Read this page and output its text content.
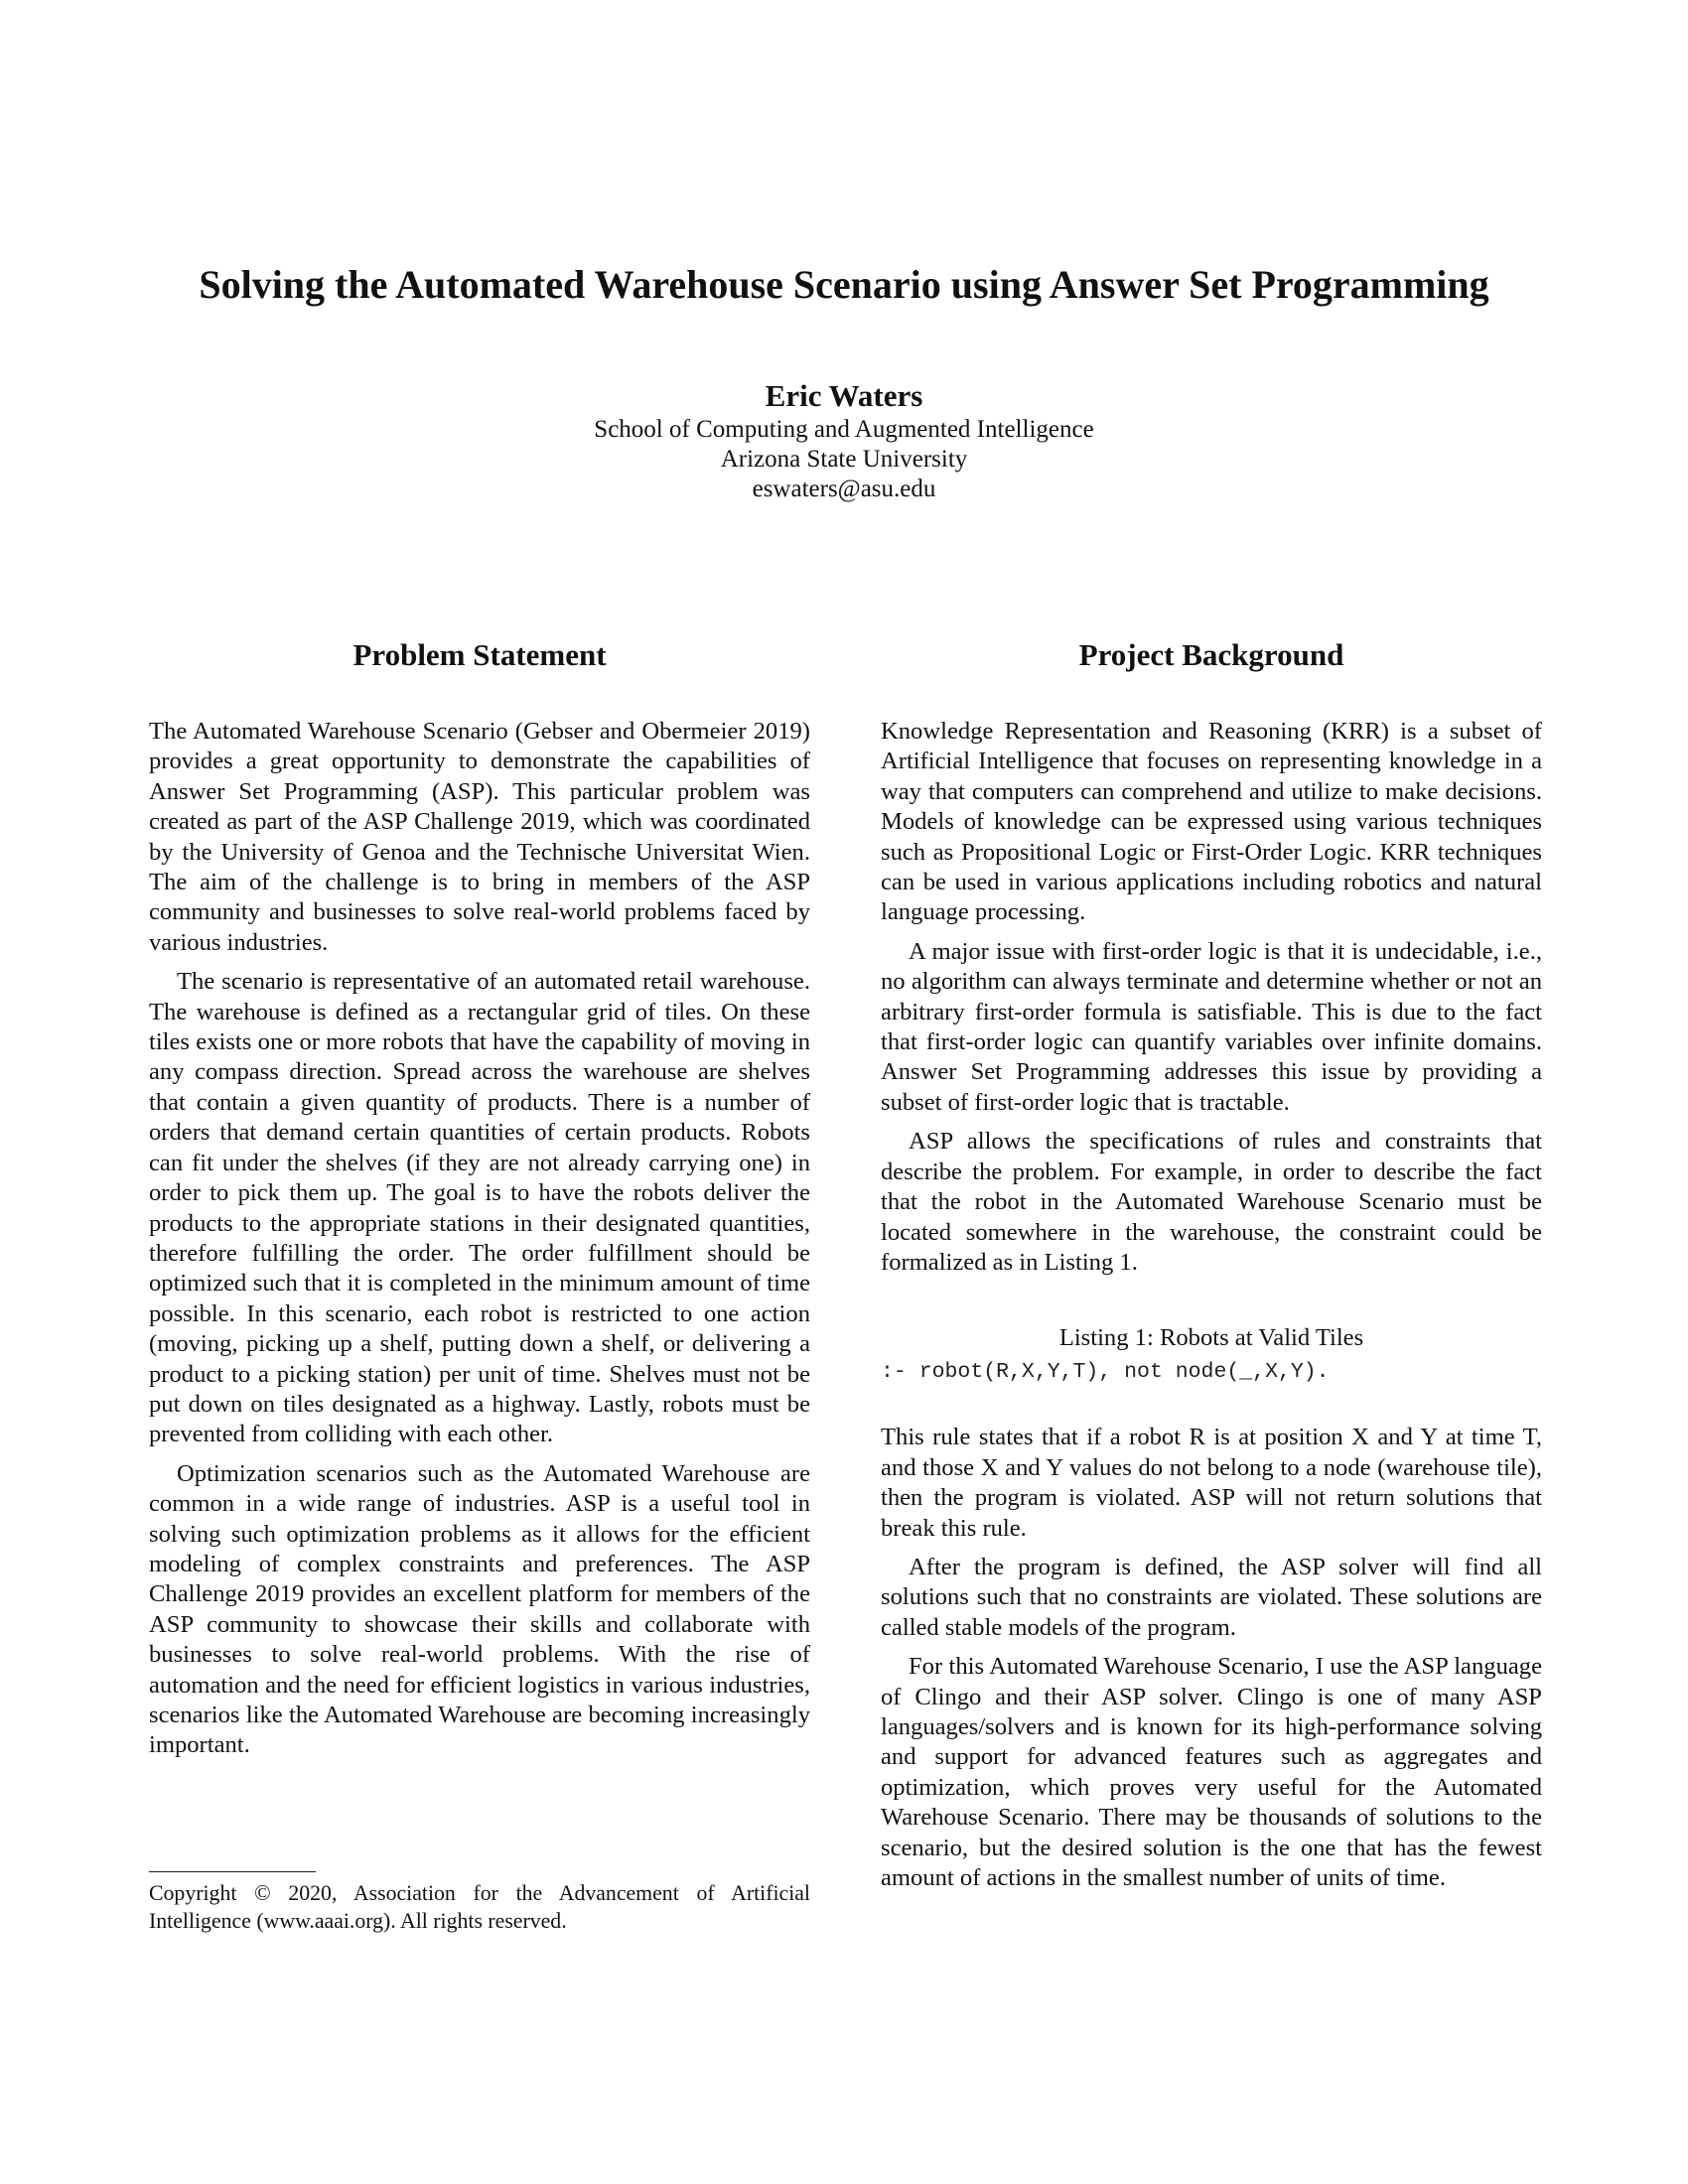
Solving the Automated Warehouse Scenario using Answer Set Programming
Eric Waters
School of Computing and Augmented Intelligence
Arizona State University
eswaters@asu.edu
Problem Statement

The Automated Warehouse Scenario (Gebser and Obermeier 2019) provides a great opportunity to demonstrate the capabilities of Answer Set Programming (ASP). This particular problem was created as part of the ASP Challenge 2019, which was coordinated by the University of Genoa and the Technische Universitat Wien. The aim of the challenge is to bring in members of the ASP community and businesses to solve real-world problems faced by various industries.

The scenario is representative of an automated retail warehouse. The warehouse is defined as a rectangular grid of tiles. On these tiles exists one or more robots that have the capability of moving in any compass direction. Spread across the warehouse are shelves that contain a given quantity of products. There is a number of orders that demand certain quantities of certain products. Robots can fit under the shelves (if they are not already carrying one) in order to pick them up. The goal is to have the robots deliver the products to the appropriate stations in their designated quantities, therefore fulfilling the order. The order fulfillment should be optimized such that it is completed in the minimum amount of time possible. In this scenario, each robot is restricted to one action (moving, picking up a shelf, putting down a shelf, or delivering a product to a picking station) per unit of time. Shelves must not be put down on tiles designated as a highway. Lastly, robots must be prevented from colliding with each other.

Optimization scenarios such as the Automated Warehouse are common in a wide range of industries. ASP is a useful tool in solving such optimization problems as it allows for the efficient modeling of complex constraints and preferences. The ASP Challenge 2019 provides an excellent platform for members of the ASP community to showcase their skills and collaborate with businesses to solve real-world problems. With the rise of automation and the need for efficient logistics in various industries, scenarios like the Automated Warehouse are becoming increasingly important.

Copyright © 2020, Association for the Advancement of Artificial Intelligence (www.aaai.org). All rights reserved.
Project Background

Knowledge Representation and Reasoning (KRR) is a subset of Artificial Intelligence that focuses on representing knowledge in a way that computers can comprehend and utilize to make decisions. Models of knowledge can be expressed using various techniques such as Propositional Logic or First-Order Logic. KRR techniques can be used in various applications including robotics and natural language processing.

A major issue with first-order logic is that it is undecidable, i.e., no algorithm can always terminate and determine whether or not an arbitrary first-order formula is satisfiable. This is due to the fact that first-order logic can quantify variables over infinite domains. Answer Set Programming addresses this issue by providing a subset of first-order logic that is tractable.

ASP allows the specifications of rules and constraints that describe the problem. For example, in order to describe the fact that the robot in the Automated Warehouse Scenario must be located somewhere in the warehouse, the constraint could be formalized as in Listing 1.

Listing 1: Robots at Valid Tiles
:- robot(R,X,Y,T), not node(_,X,Y).

This rule states that if a robot R is at position X and Y at time T, and those X and Y values do not belong to a node (warehouse tile), then the program is violated. ASP will not return solutions that break this rule.

After the program is defined, the ASP solver will find all solutions such that no constraints are violated. These solutions are called stable models of the program.

For this Automated Warehouse Scenario, I use the ASP language of Clingo and their ASP solver. Clingo is one of many ASP languages/solvers and is known for its high-performance solving and support for advanced features such as aggregates and optimization, which proves very useful for the Automated Warehouse Scenario. There may be thousands of solutions to the scenario, but the desired solution is the one that has the fewest amount of actions in the smallest number of units of time.
